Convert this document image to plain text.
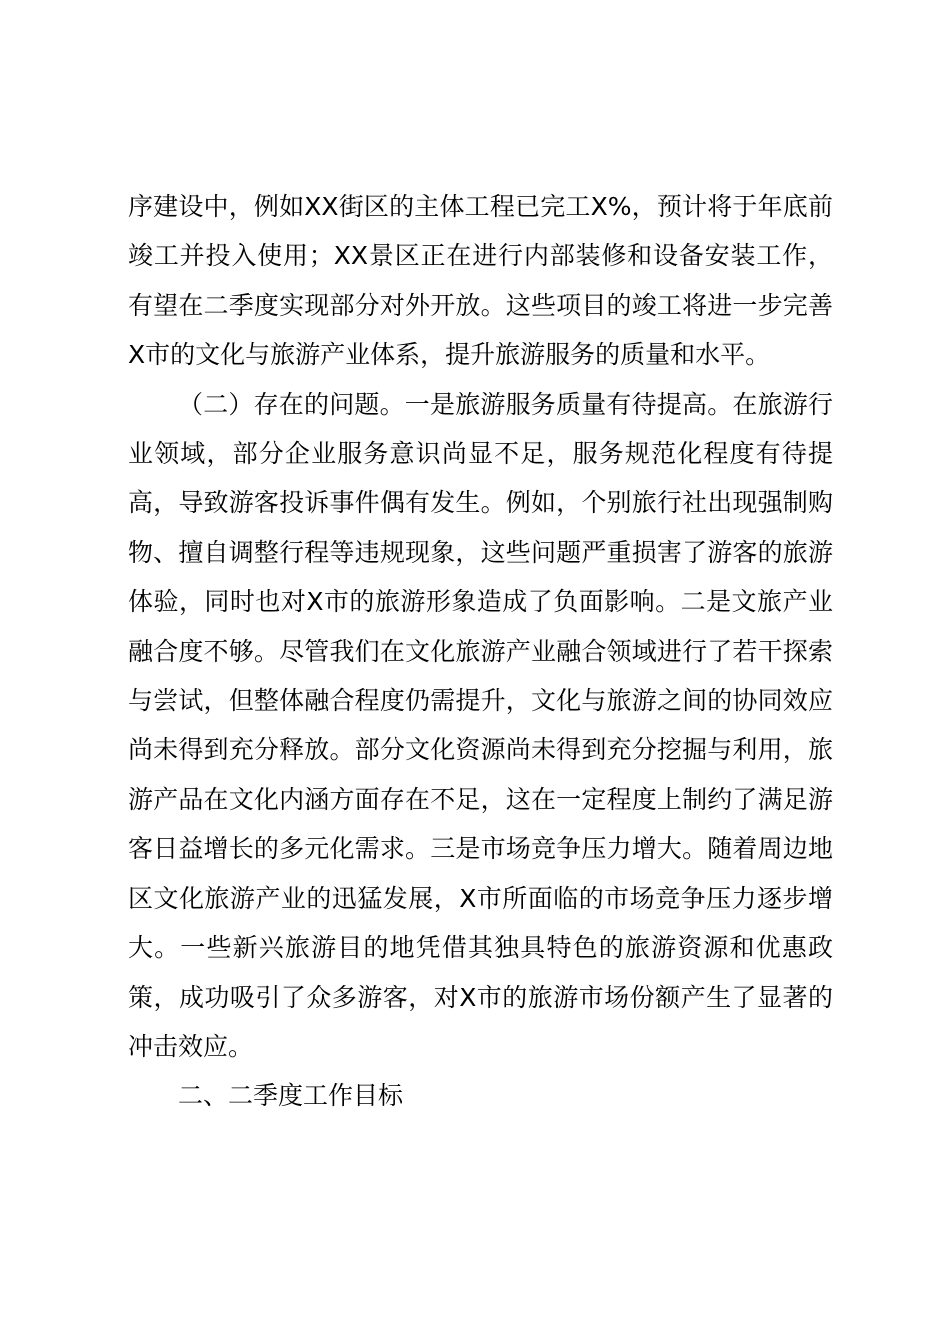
序建设中，例如XX街区的主体工程已完工X%，预计将于年底前竣工并投入使用；XX景区正在进行内部装修和设备安装工作，有望在二季度实现部分对外开放。这些项目的竣工将进一步完善X市的文化与旅游产业体系，提升旅游服务的质量和水平。

（二）存在的问题。一是旅游服务质量有待提高。在旅游行业领域，部分企业服务意识尚显不足，服务规范化程度有待提高，导致游客投诉事件偶有发生。例如，个别旅行社出现强制购物、擅自调整行程等违规现象，这些问题严重损害了游客的旅游体验，同时也对X市的旅游形象造成了负面影响。二是文旅产业融合度不够。尽管我们在文化旅游产业融合领域进行了若干探索与尝试，但整体融合程度仍需提升，文化与旅游之间的协同效应尚未得到充分释放。部分文化资源尚未得到充分挖掘与利用，旅游产品在文化内涵方面存在不足，这在一定程度上制约了满足游客日益增长的多元化需求。三是市场竞争压力增大。随着周边地区文化旅游产业的迅猛发展，X市所面临的市场竞争压力逐步增大。一些新兴旅游目的地凭借其独具特色的旅游资源和优惠政策，成功吸引了众多游客，对X市的旅游市场份额产生了显著的冲击效应。

二、二季度工作目标
